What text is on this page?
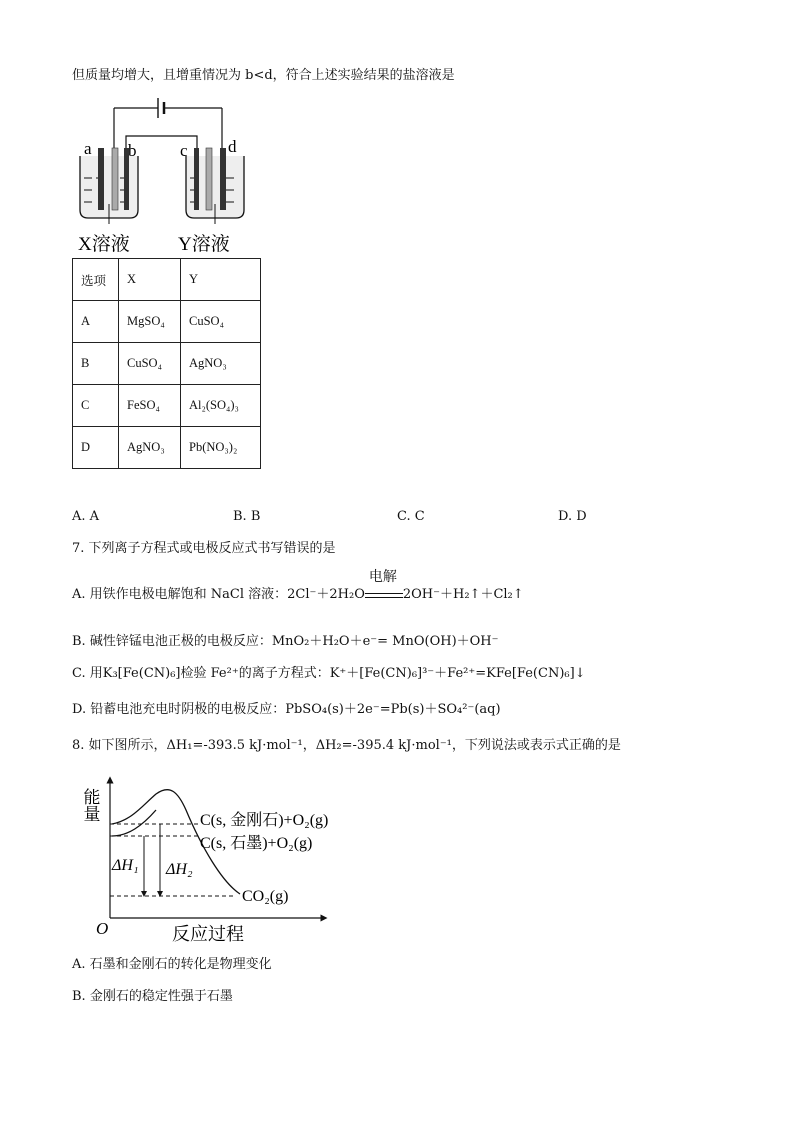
但质量均增大，且增重情况为 b<d，符合上述实验结果的盐溶液是
a b	c d
X溶液	Y溶液
选项	X	Y
A	MgSO₄	CuSO₄
B	CuSO₄	AgNO₃
C	FeSO₄	Al₂(SO₄)₃
D	AgNO₃	Pb(NO₃)₂
A. A	B. B	C. C	D. D
7. 下列离子方程式或电极反应式书写错误的是
A. 用铁作电极电解饱和 NaCl 溶液：2Cl⁻＋2H₂O
电解
2OH⁻＋H₂↑＋Cl₂↑
B. 碱性锌锰电池正极的电极反应：MnO₂＋H₂O＋e⁻= MnO(OH)＋OH⁻
C. 用K₃[Fe(CN)₆]检验 Fe²⁺的离子方程式：K⁺＋[Fe(CN)₆]³⁻＋Fe²⁺=KFe[Fe(CN)₆]↓
D. 铅蓄电池充电时阴极的电极反应：PbSO₄(s)＋2e⁻=Pb(s)＋SO₄²⁻(aq)
8. 如下图所示，ΔH₁=-393.5 kJ·mol⁻¹，ΔH₂=-395.4 kJ·mol⁻¹，下列说法或表示式正确的是
能量
O	反应过程
ΔH₁ ΔH₂
C(s, 金刚石)+O₂(g)
C(s, 石墨)+O₂(g)
CO₂(g)
A. 石墨和金刚石的转化是物理变化
B. 金刚石的稳定性强于石墨
